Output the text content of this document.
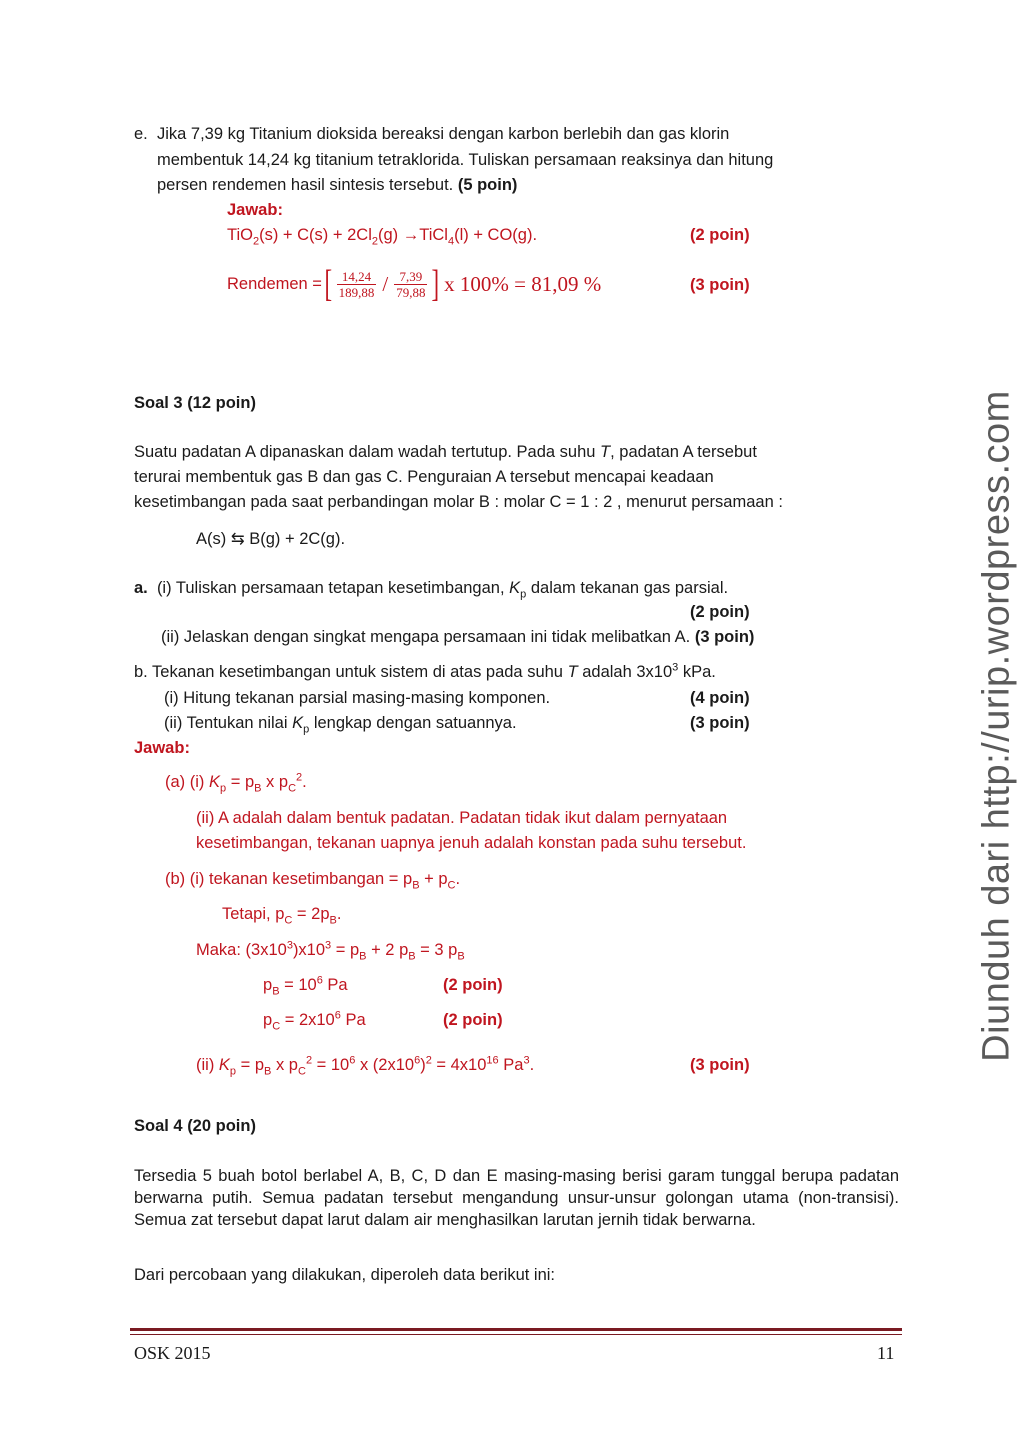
e. Jika 7,39 kg Titanium dioksida bereaksi dengan karbon berlebih dan gas klorin
membentuk 14,24 kg titanium tetraklorida. Tuliskan persamaan reaksinya dan hitung
persen rendemen hasil sintesis tersebut. (5 poin)
Jawab:
$TiO_2(s) + C(s) + 2Cl_2(g)$ →TiCl$_4$(l) + CO(g).	(2 poin)
Rendemen = [ $\frac{14,24}{189,88} / \frac{7,39}{79,88}$ ] x 100% = 81,09 %	(3 poin)
Soal 3 (12 poin)
Suatu padatan A dipanaskan dalam wadah tertutup. Pada suhu T, padatan A tersebut
terurai membentuk gas B dan gas C. Penguraian A tersebut mencapai keadaan
kesetimbangan pada saat perbandingan molar B : molar C = 1 : 2 , menurut persamaan :
A(s) ⇆ B(g) + 2C(g).
a. (i) Tuliskan persamaan tetapan kesetimbangan, $K_p$ dalam tekanan gas parsial.
(2 poin)
(ii) Jelaskan dengan singkat mengapa persamaan ini tidak melibatkan A. (3 poin)
b. Tekanan kesetimbangan untuk sistem di atas pada suhu T adalah $3x10^3$ kPa.
(i) Hitung tekanan parsial masing-masing komponen.	(4 poin)
(ii) Tentukan nilai $K_p$ lengkap dengan satuannya.	(3 poin)
Jawab:
(a) (i) $K_p = p_B$ x $p_C^2$.
(ii) A adalah dalam bentuk padatan. Padatan tidak ikut dalam pernyataan
kesetimbangan, tekanan uapnya jenuh adalah konstan pada suhu tersebut.
(b) (i) tekanan kesetimbangan = $p_B + p_C$.
Tetapi, $p_C = 2p_B$.
Maka: $(3x10^3)x10^3 = p_B + 2$ $p_B = 3$ $p_B$
$p_B = 10^6$ Pa	(2 poin)
$p_C = 2x10^6$ Pa	(2 poin)
(ii) $K_p = p_B$ x $p_C^2 = 10^6$ x $(2x10^6)^2 = 4x10^{16}$ Pa$^3$.	(3 poin)
Soal 4 (20 poin)
Tersedia 5 buah botol berlabel A, B, C, D dan E masing-masing berisi garam tunggal berupa padatan berwarna putih. Semua padatan tersebut mengandung unsur-unsur golongan utama (non-transisi). Semua zat tersebut dapat larut dalam air menghasilkan larutan jernih tidak berwarna.
Dari percobaan yang dilakukan, diperoleh data berikut ini:
Diunduh dari http://urip.wordpress.com
OSK 2015	11
